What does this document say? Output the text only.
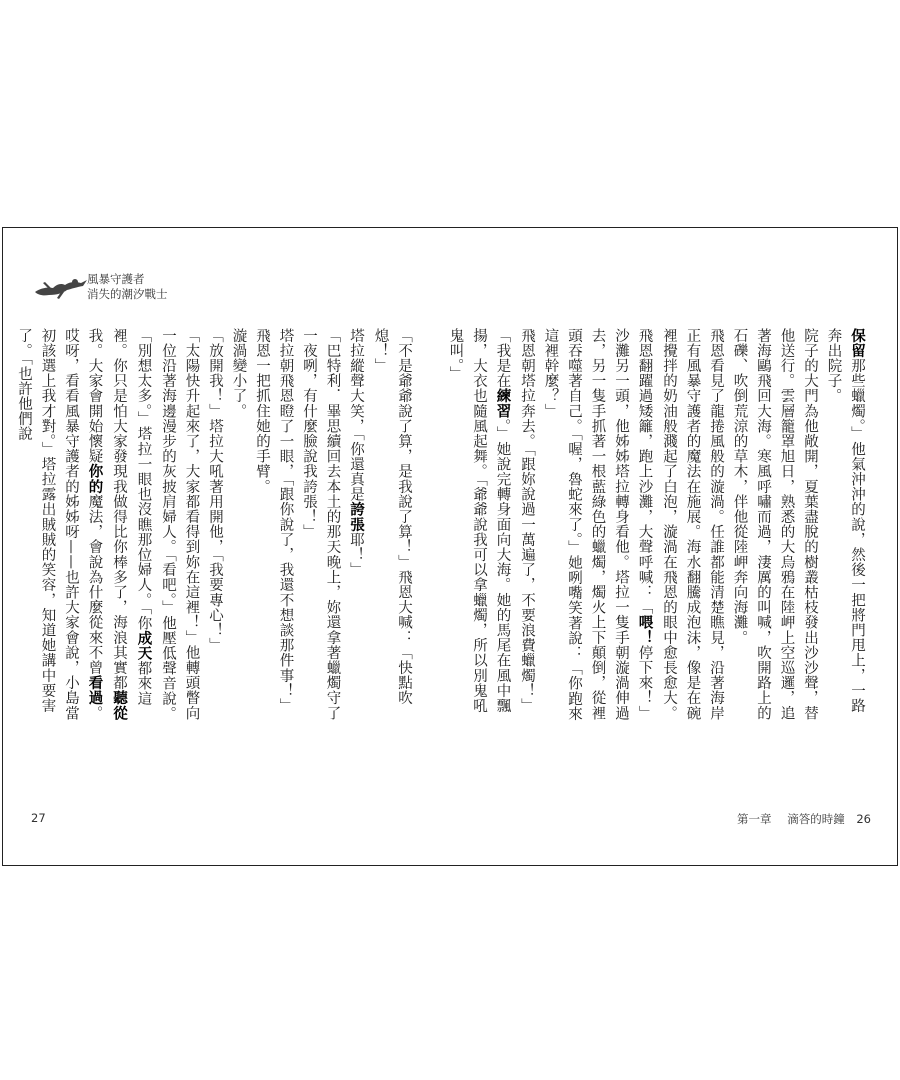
風暴守護者
消失的潮汐戰士

「不是爺爺說了算，是我說了算！」飛恩大喊：「快點吹熄！」

塔拉縱聲大笑，「你還真是誇張耶！」

「巴特利．畢思續回去本土的那天晚上，妳還拿著蠟燭守了一夜咧，有什麼臉說我誇張！」

塔拉朝飛恩瞪了一眼，「跟你說了，我還不想談那件事！」

飛恩一把抓住她的手臂。

漩渦變小了。

「放開我！」塔拉大吼著用開他，「我要專心！」

「太陽快升起來了，大家都看得到妳在這裡！」他轉頭瞥向一位沿著海邊漫步的灰披肩婦人。「看吧。」他壓低聲音說。

「別想太多。」塔拉一眼也沒瞧那位婦人。「你成天都來這裡。你只是怕大家發現我做得比你棒多了，海浪其實都聽從我。大家會開始懷疑你的魔法，會說為什麼從來不曾看過。哎呀，看看風暴守護者的姊姊呀——也許大家會說，小島當初該選上我才對。」塔拉露出賊賊的笑容，知道她講中要害了。「也許他們說

27

保留那些蠟燭。」他氣沖沖的說，然後一把將門甩上，一路奔出院子。

院子的大門為他敞開，夏葉盡脫的樹叢枯枝發出沙沙聲，替他送行。雲層籠罩旭日，熟悉的大烏鴉在陸岬上空巡邏，追著海鷗飛回大海。寒風呼嘯而過，淒厲的叫喊，吹開路上的石礫、吹倒荒涼的草木，伴他從陸岬奔向海灘。

飛恩看見了龍捲風般的漩渦。任誰都能清楚瞧見，沿著海岸正有風暴守護者的魔法在施展。海水翻騰成泡沫，像是在碗裡攪拌的奶油般濺起了白泡，漩渦在飛恩的眼中愈長愈大。

飛恩翻躍過矮籬，跑上沙灘，大聲呼喊：「喂！停下來！」

沙灘另一頭，他姊姊塔拉轉身看他。塔拉一隻手朝漩渦伸過去，另一隻手抓著一根藍綠色的蠟燭，燭火上下顛倒，從裡頭吞噬著自己。「喔，魯蛇來了。」她咧嘴笑著說：「你跑來這裡幹麼？」

飛恩朝塔拉奔去。「跟妳說過一萬遍了，不要浪費蠟燭！」

「我是在練習。」她說完轉身面向大海。她的馬尾在風中飄揚，大衣也隨風起舞。「爺爺說我可以拿蠟燭，所以別鬼吼鬼叫。」

第一章 滴答的時鐘 26
